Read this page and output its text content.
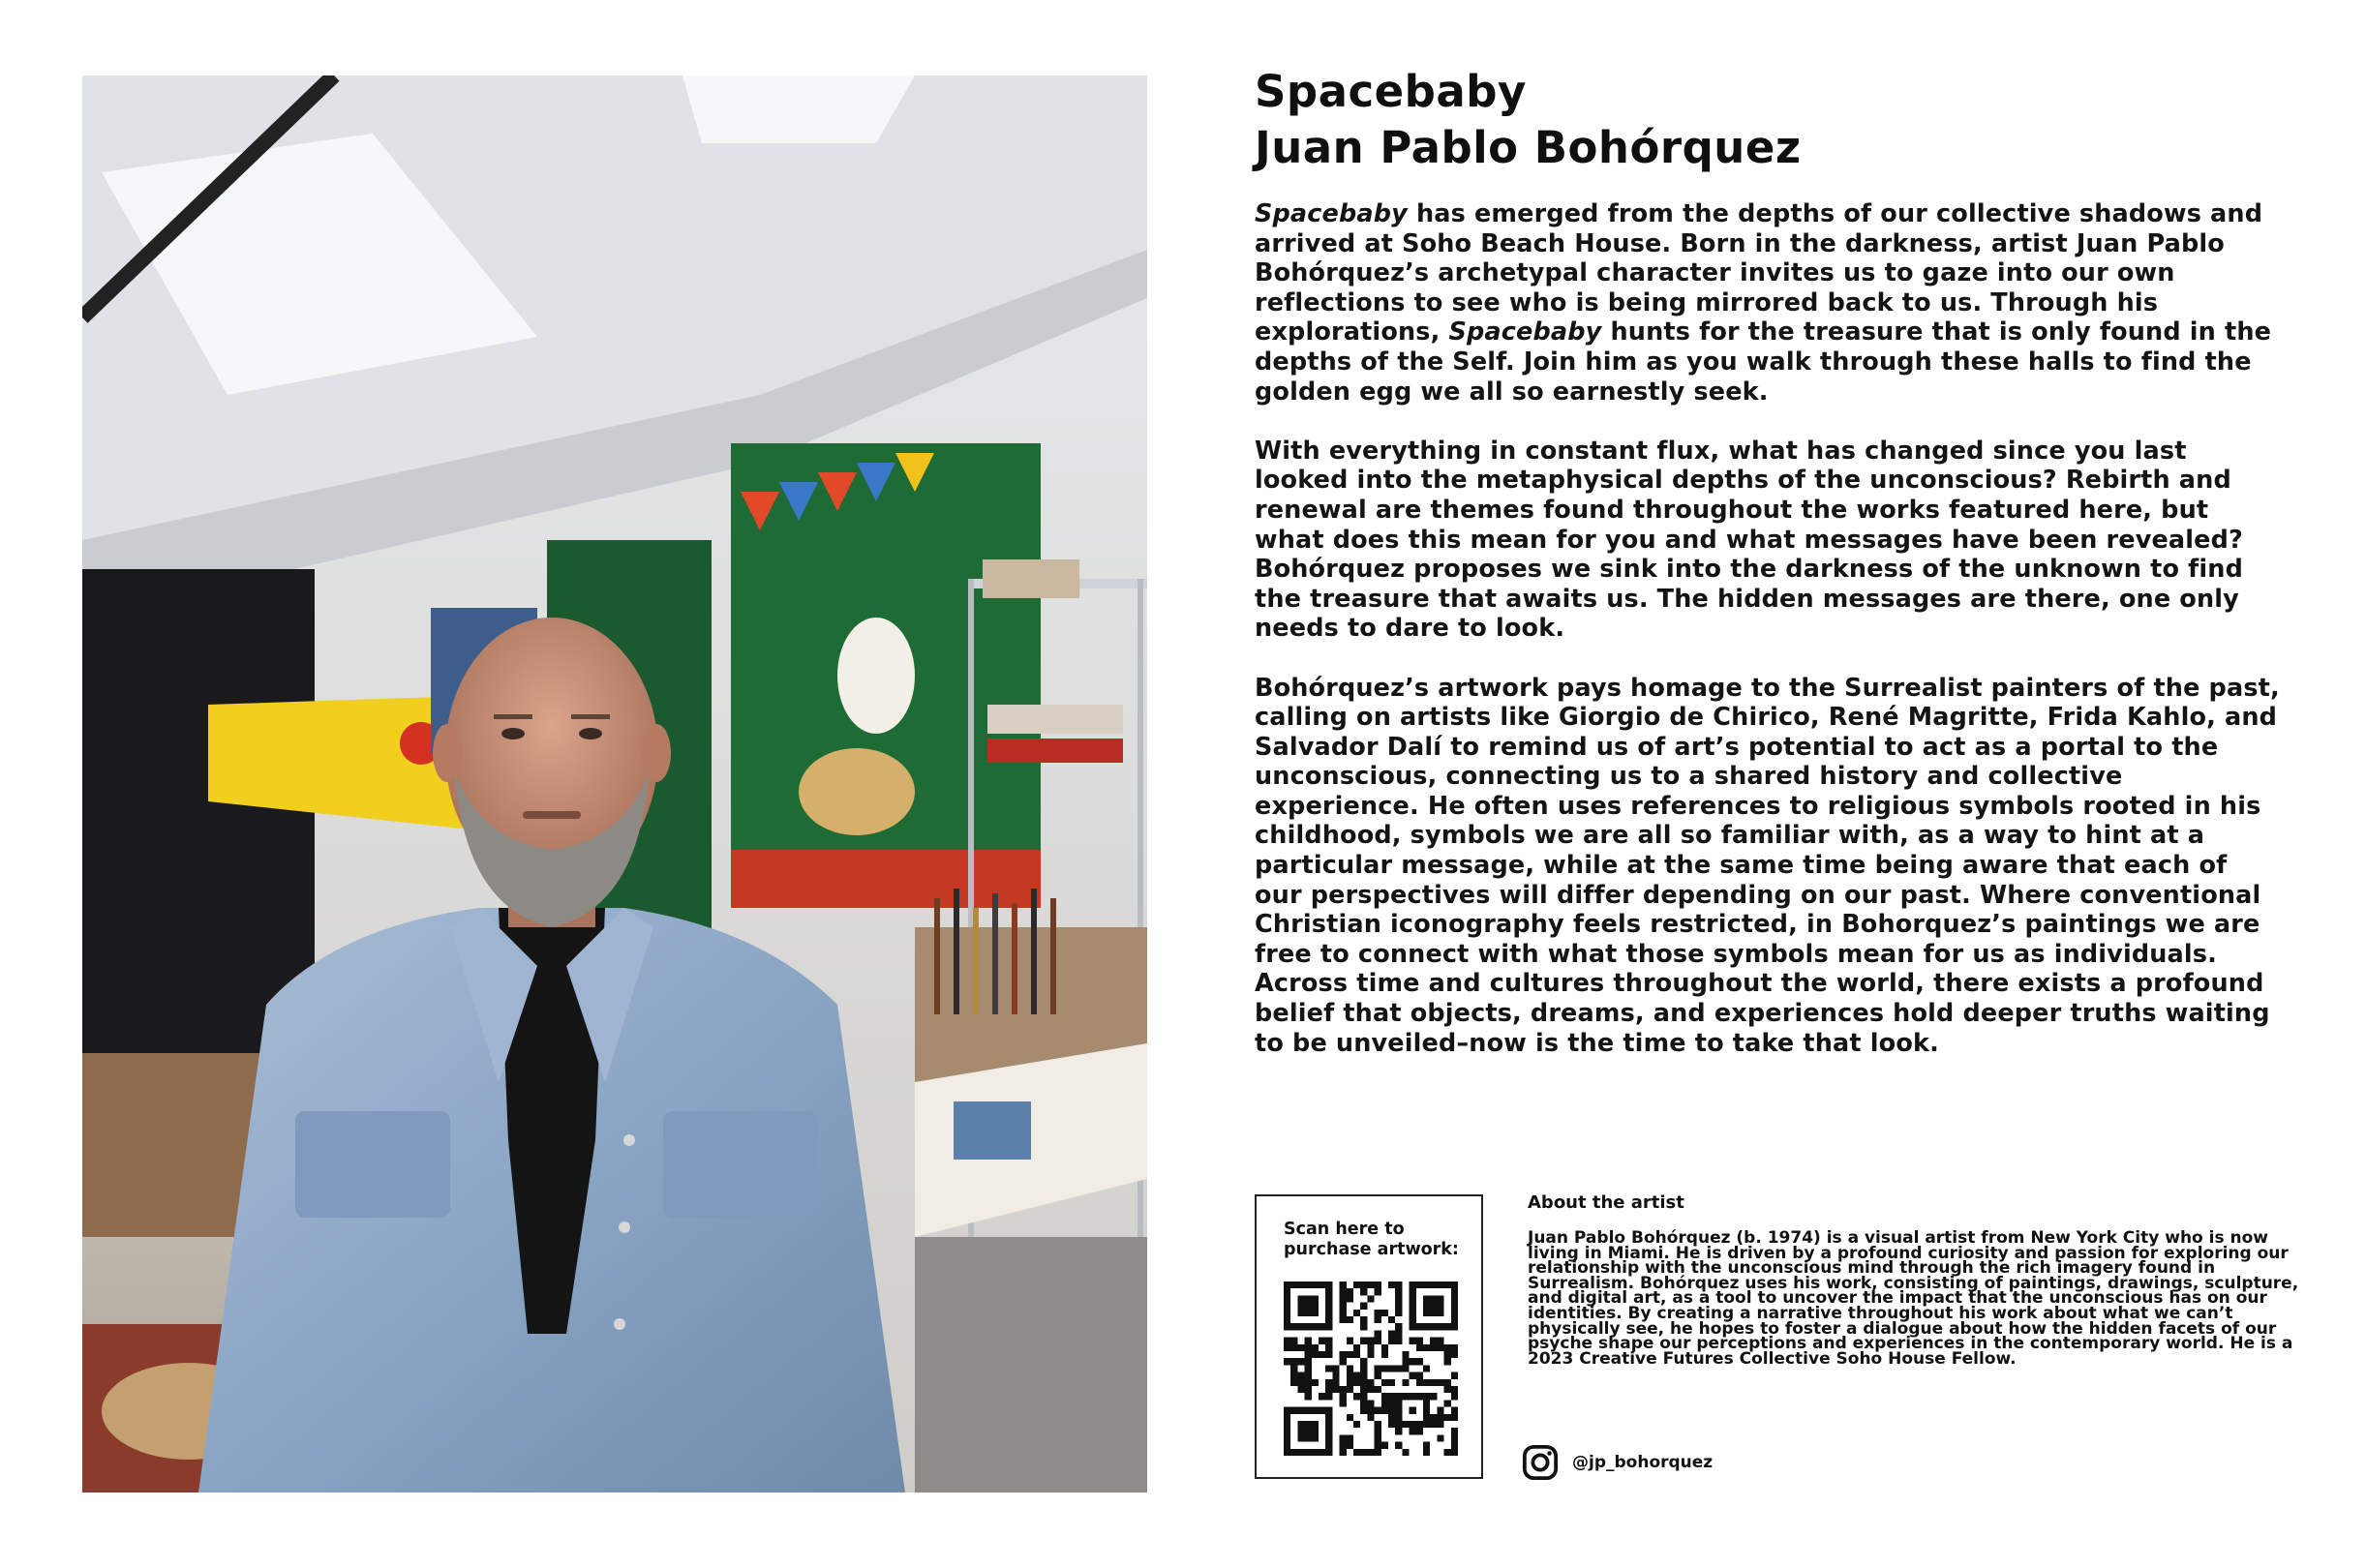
Spacebaby
Juan Pablo Bohórquez

Spacebaby has emerged from the depths of our collective shadows and arrived at Soho Beach House. Born in the darkness, artist Juan Pablo Bohórquez’s archetypal character invites us to gaze into our own reflections to see who is being mirrored back to us. Through his explorations, Spacebaby hunts for the treasure that is only found in the depths of the Self. Join him as you walk through these halls to find the golden egg we all so earnestly seek.

With everything in constant flux, what has changed since you last looked into the metaphysical depths of the unconscious? Rebirth and renewal are themes found throughout the works featured here, but what does this mean for you and what messages have been revealed? Bohórquez proposes we sink into the darkness of the unknown to find the treasure that awaits us. The hidden messages are there, one only needs to dare to look.

Bohórquez’s artwork pays homage to the Surrealist painters of the past, calling on artists like Giorgio de Chirico, René Magritte, Frida Kahlo, and Salvador Dalí to remind us of art’s potential to act as a portal to the unconscious, connecting us to a shared history and collective experience. He often uses references to religious symbols rooted in his childhood, symbols we are all so familiar with, as a way to hint at a particular message, while at the same time being aware that each of our perspectives will differ depending on our past. Where conventional Christian iconography feels restricted, in Bohorquez’s paintings we are free to connect with what those symbols mean for us as individuals. Across time and cultures throughout the world, there exists a profound belief that objects, dreams, and experiences hold deeper truths waiting to be unveiled–now is the time to take that look.

Scan here to purchase artwork:
About the artist
Juan Pablo Bohórquez (b. 1974) is a visual artist from New York City who is now living in Miami. He is driven by a profound curiosity and passion for exploring our relationship with the unconscious mind through the rich imagery found in Surrealism. Bohórquez uses his work, consisting of paintings, drawings, sculpture, and digital art, as a tool to uncover the impact that the unconscious has on our identities. By creating a narrative throughout his work about what we can’t physically see, he hopes to foster a dialogue about how the hidden facets of our psyche shape our perceptions and experiences in the contemporary world. He is a 2023 Creative Futures Collective Soho House Fellow.
@jp_bohorquez
